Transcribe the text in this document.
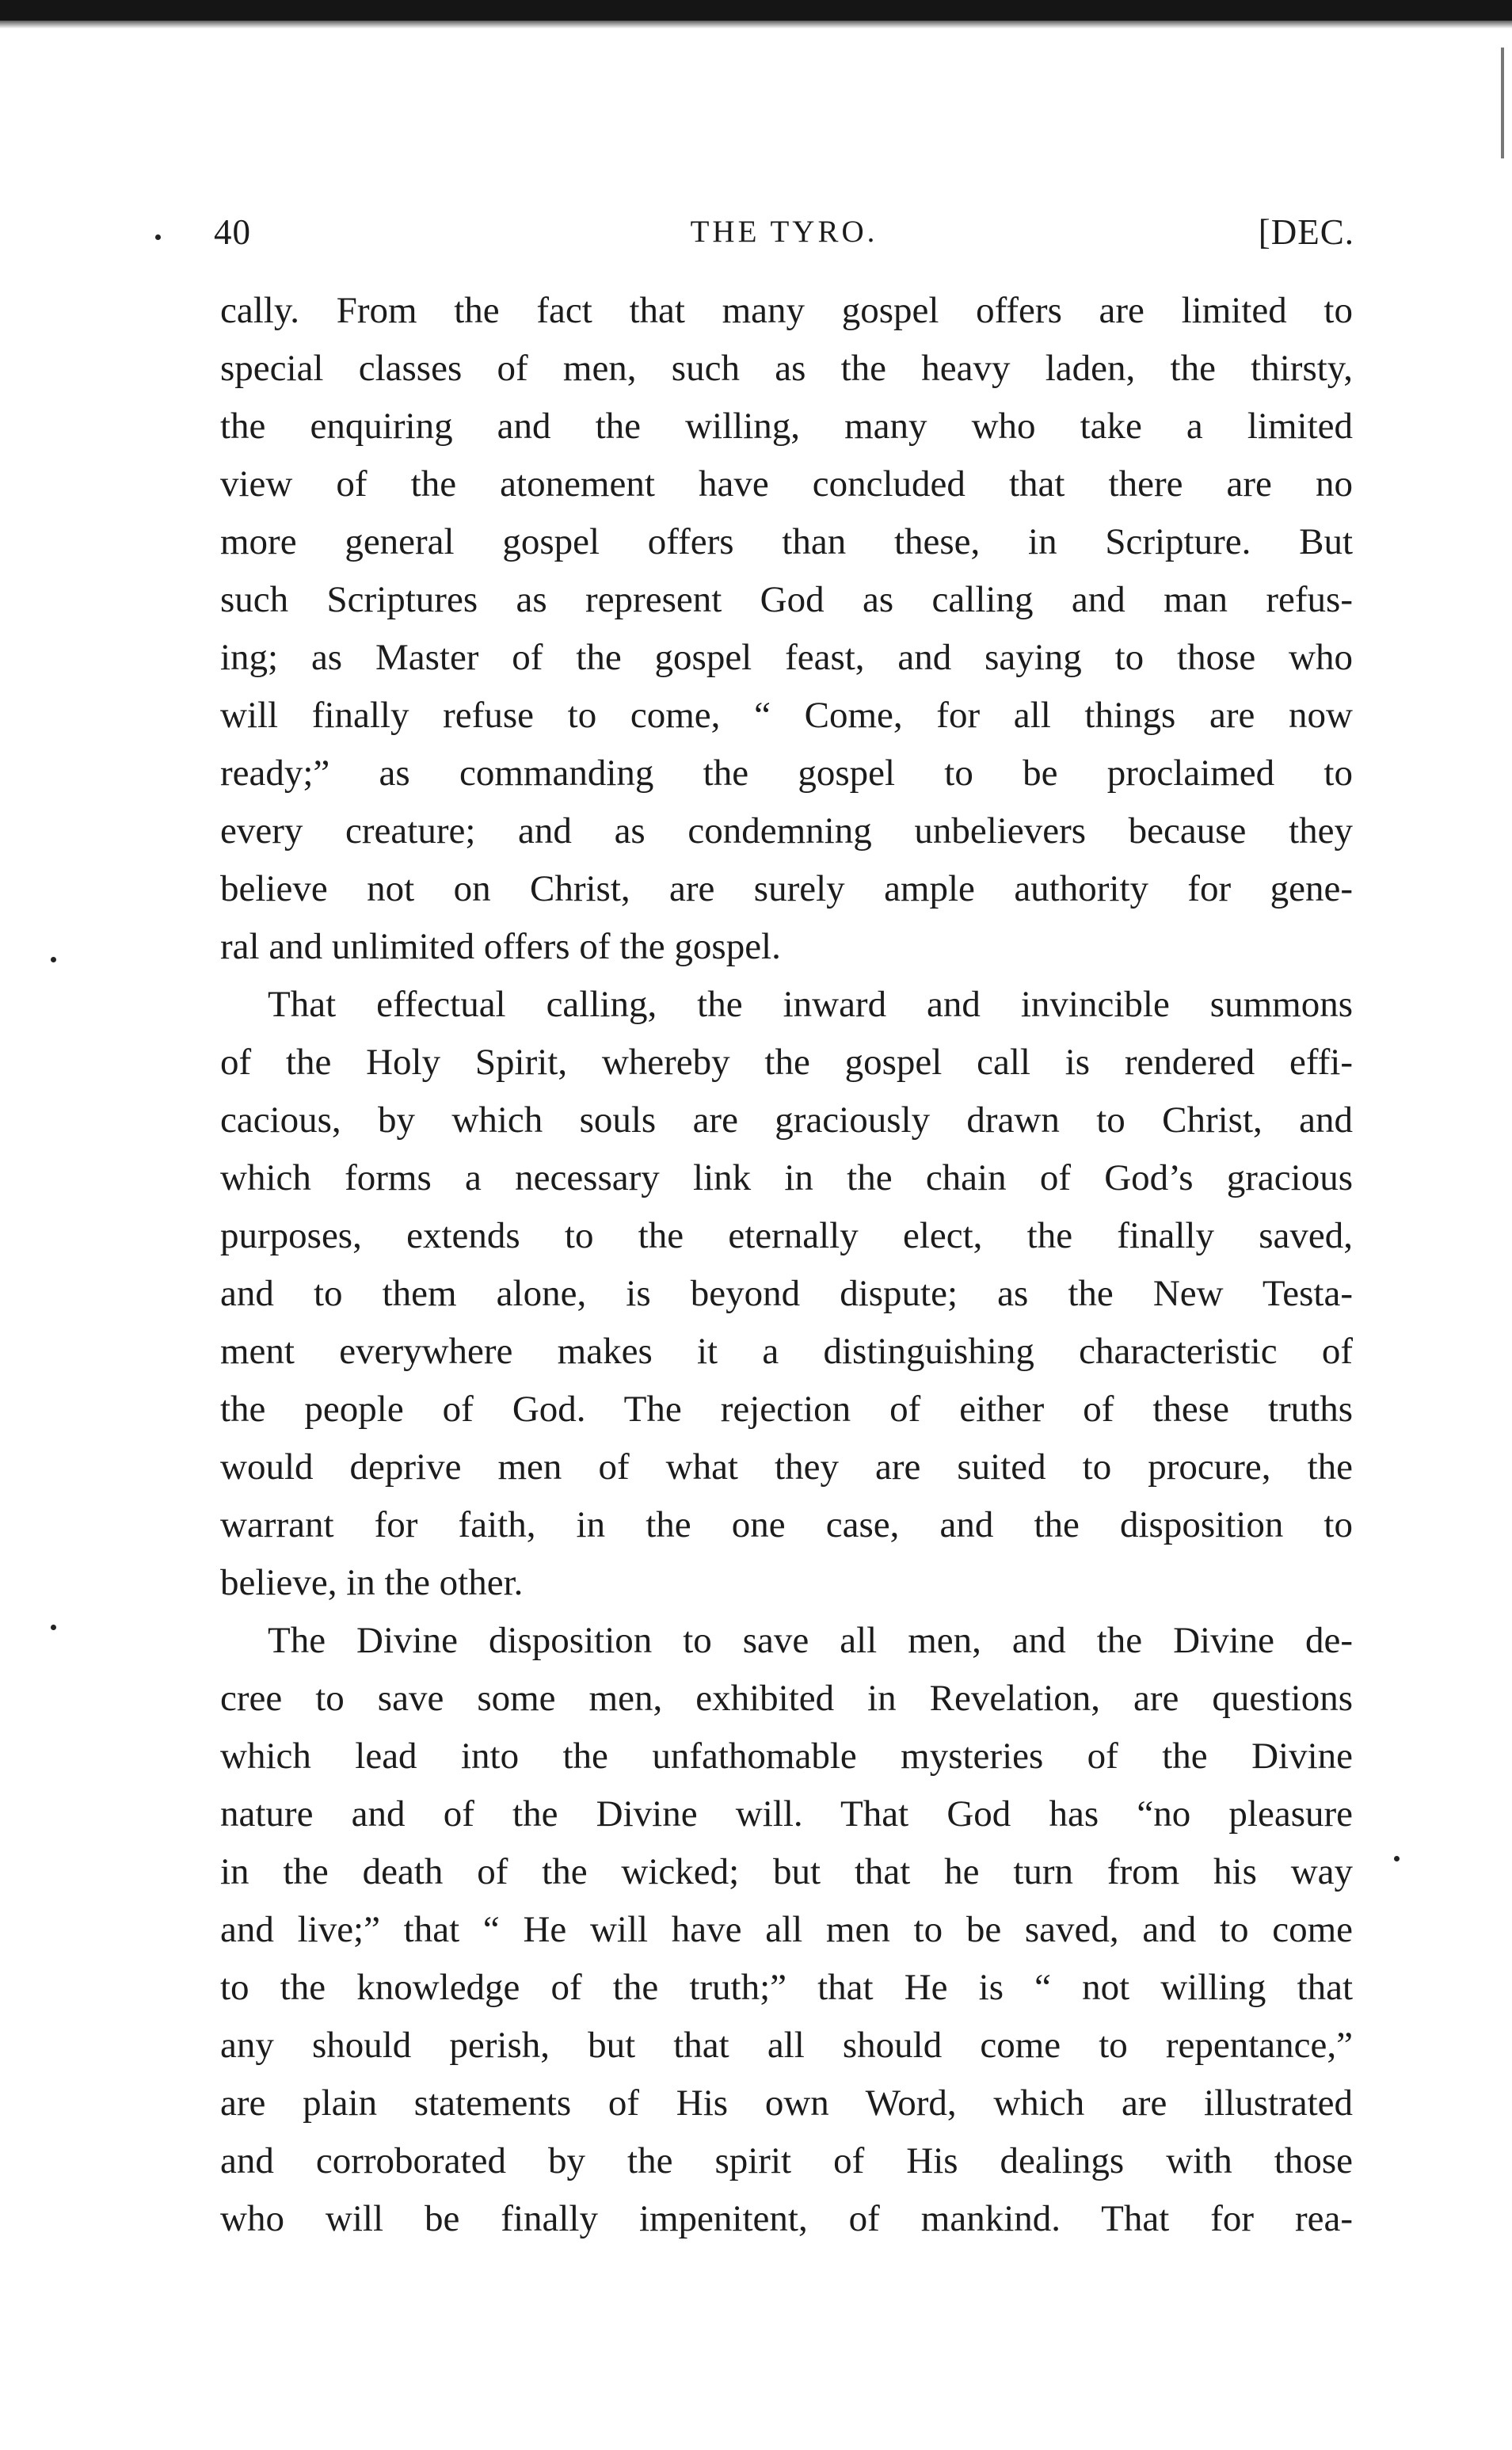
40	THE TYRO.	[DEC.
cally. From the fact that many gospel offers are limited to
special classes of men, such as the heavy laden, the thirsty,
the enquiring and the willing, many who take a limited
view of the atonement have concluded that there are no
more general gospel offers than these, in Scripture. But
such Scriptures as represent God as calling and man refus-
ing; as Master of the gospel feast, and saying to those who
will finally refuse to come, “ Come, for all things are now
ready;” as commanding the gospel to be proclaimed to
every creature; and as condemning unbelievers because they
believe not on Christ, are surely ample authority for gene-
ral and unlimited offers of the gospel.
That effectual calling, the inward and invincible summons
of the Holy Spirit, whereby the gospel call is rendered effi-
cacious, by which souls are graciously drawn to Christ, and
which forms a necessary link in the chain of God’s gracious
purposes, extends to the eternally elect, the finally saved,
and to them alone, is beyond dispute; as the New Testa-
ment everywhere makes it a distinguishing characteristic of
the people of God. The rejection of either of these truths
would deprive men of what they are suited to procure, the
warrant for faith, in the one case, and the disposition to
believe, in the other.
The Divine disposition to save all men, and the Divine de-
cree to save some men, exhibited in Revelation, are questions
which lead into the unfathomable mysteries of the Divine
nature and of the Divine will. That God has “no pleasure
in the death of the wicked; but that he turn from his way
and live;” that “ He will have all men to be saved, and to come
to the knowledge of the truth;” that He is “ not willing that
any should perish, but that all should come to repentance,”
are plain statements of His own Word, which are illustrated
and corroborated by the spirit of His dealings with those
who will be finally impenitent, of mankind. That for rea-
